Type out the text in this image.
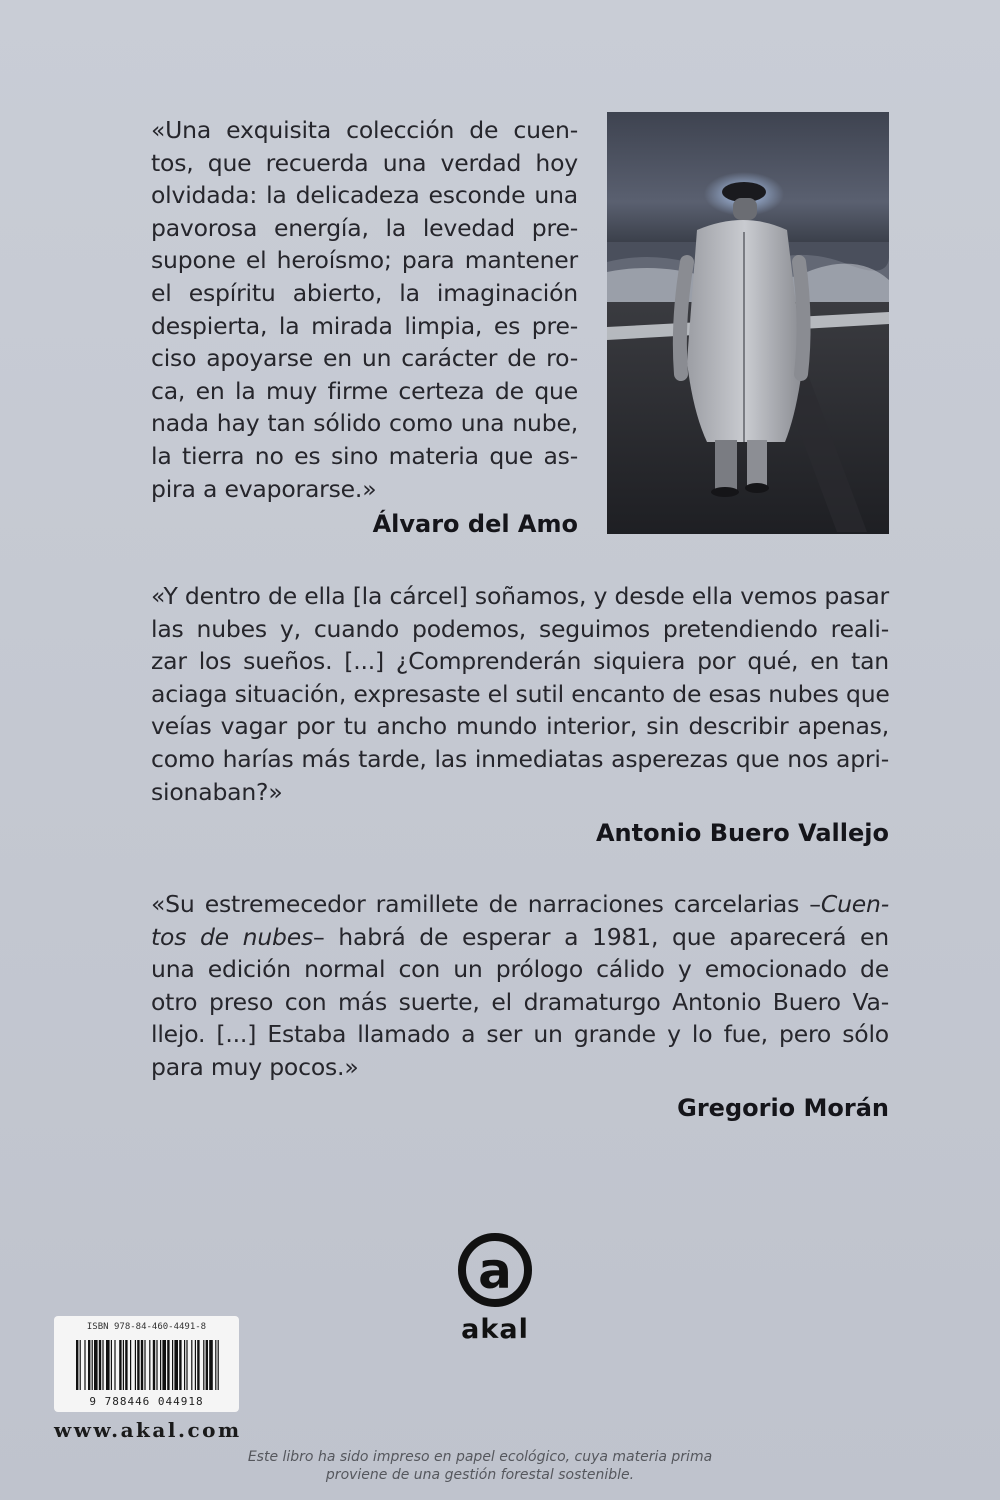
«Una exquisita colección de cuen-
tos, que recuerda una verdad hoy
olvidada: la delicadeza esconde una
pavorosa energía, la levedad pre-
supone el heroísmo; para mantener
el espíritu abierto, la imaginación
despierta, la mirada limpia, es pre-
ciso apoyarse en un carácter de ro-
ca, en la muy firme certeza de que
nada hay tan sólido como una nube,
la tierra no es sino materia que as-
pira a evaporarse.»
Álvaro del Amo
«Y dentro de ella [la cárcel] soñamos, y desde ella vemos pasar
las nubes y, cuando podemos, seguimos pretendiendo reali-
zar los sueños. [...] ¿Comprenderán siquiera por qué, en tan
aciaga situación, expresaste el sutil encanto de esas nubes que
veías vagar por tu ancho mundo interior, sin describir apenas,
como harías más tarde, las inmediatas asperezas que nos apri-
sionaban?»
Antonio Buero Vallejo
«Su estremecedor ramillete de narraciones carcelarias –Cuen-
tos de nubes– habrá de esperar a 1981, que aparecerá en
una edición normal con un prólogo cálido y emocionado de
otro preso con más suerte, el dramaturgo Antonio Buero Va-
llejo. [...] Estaba llamado a ser un grande y lo fue, pero sólo
para muy pocos.»
Gregorio Morán
a
akal
ISBN 978-84-460-4491-8
9 788446 044918
www.akal.com
Este libro ha sido impreso en papel ecológico, cuya materia prima
proviene de una gestión forestal sostenible.
